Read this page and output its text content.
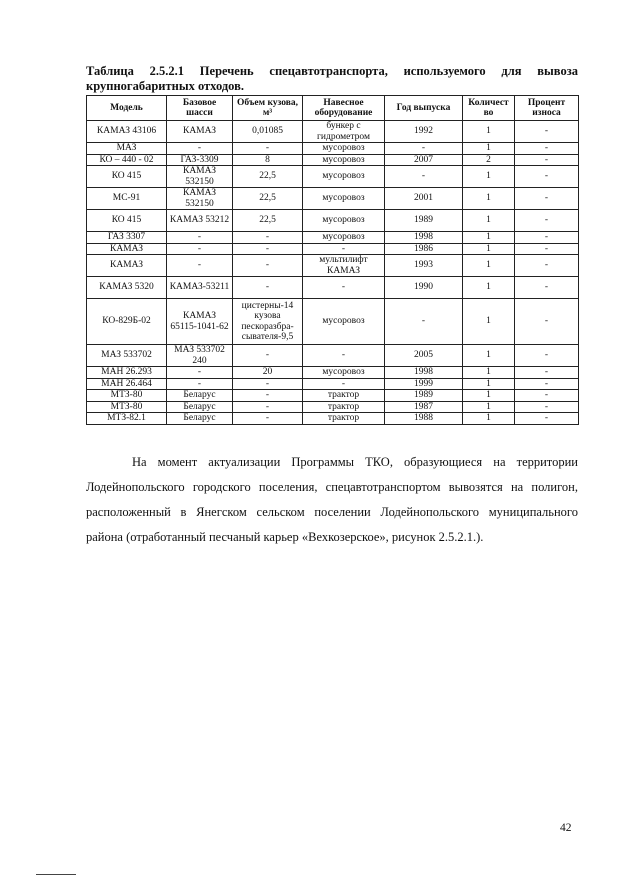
Таблица 2.5.2.1 Перечень спецавтотранспорта, используемого для вывоза
крупногабаритных отходов.
Модель	Базовое шасси	Объем кузова, м³	Навесное оборудование	Год выпуска	Количест во	Процент износа
КАМАЗ 43106	КАМАЗ	0,01085	бункер с гидрометром	1992	1	-
МАЗ	-	-	мусоровоз	-	1	-
КО – 440 - 02	ГАЗ-3309	8	мусоровоз	2007	2	-
КО 415	КАМАЗ 532150	22,5	мусоровоз	-	1	-
МС-91	КАМАЗ 532150	22,5	мусоровоз	2001	1	-
КО 415	КАМАЗ 53212	22,5	мусоровоз	1989	1	-
ГАЗ 3307	-	-	мусоровоз	1998	1	-
КАМАЗ	-	-	-	1986	1	-
КАМАЗ	-	-	мультилифт КАМАЗ	1993	1	-
КАМАЗ 5320	КАМАЗ-53211	-	-	1990	1	-
КО-829Б-02	КАМАЗ 65115-1041-62	цистерны-14 кузова пескоразбра-сывателя-9,5	мусоровоз	-	1	-
МАЗ 533702	МАЗ 533702 240	-	-	2005	1	-
МАН 26.293	-	20	мусоровоз	1998	1	-
МАН 26.464	-	-	-	1999	1	-
МТЗ-80	Беларус	-	трактор	1989	1	-
МТЗ-80	Беларус	-	трактор	1987	1	-
МТЗ-82.1	Беларус	-	трактор	1988	1	-
На момент актуализации Программы ТКО, образующиеся на территории Лодейнопольского городского поселения, спецавтотранспортом вывозятся на полигон, расположенный в Янегском сельском поселении Лодейнопольского муниципального района (отработанный песчаный карьер «Вехкозерское», рисунок 2.5.2.1.).
42
